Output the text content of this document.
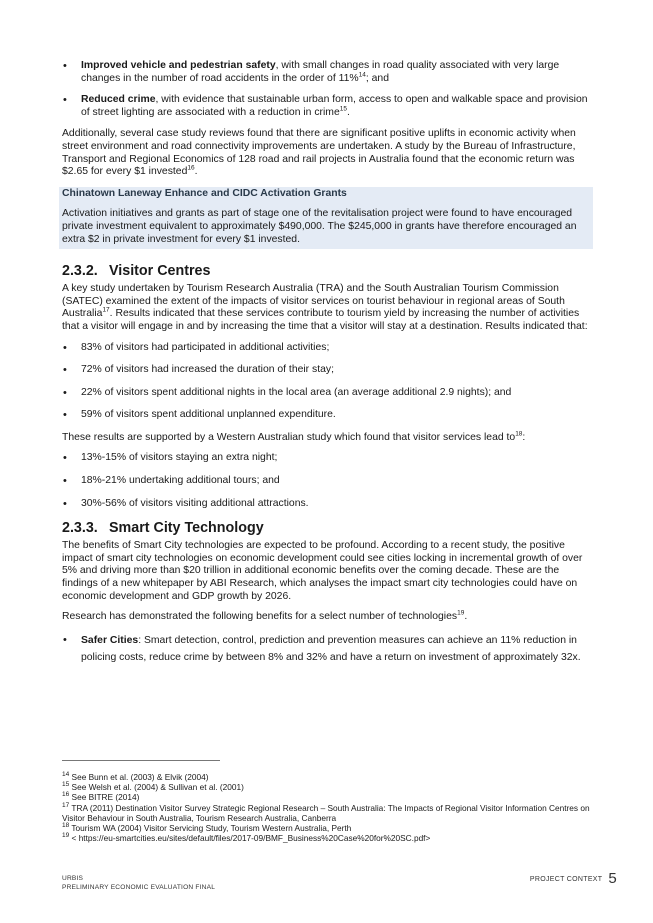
• Improved vehicle and pedestrian safety, with small changes in road quality associated with very large changes in the number of road accidents in the order of 11%$^{14}$; and
• Reduced crime, with evidence that sustainable urban form, access to open and walkable space and provision of street lighting are associated with a reduction in crime$^{15}$.

Additionally, several case study reviews found that there are significant positive uplifts in economic activity when street environment and road connectivity improvements are undertaken. A study by the Bureau of Infrastructure, Transport and Regional Economics of 128 road and rail projects in Australia found that the economic return was $2.65 for every $1 invested$^{16}$.

Chinatown Laneway Enhance and CIDC Activation Grants

Activation initiatives and grants as part of stage one of the revitalisation project were found to have encouraged private investment equivalent to approximately $490,000. The $245,000 in grants have therefore encouraged an extra $2 in private investment for every $1 invested.

2.3.2. Visitor Centres

A key study undertaken by Tourism Research Australia (TRA) and the South Australian Tourism Commission (SATEC) examined the extent of the impacts of visitor services on tourist behaviour in regional areas of South Australia$^{17}$. Results indicated that these services contribute to tourism yield by increasing the number of activities that a visitor will engage in and by increasing the time that a visitor will stay at a destination. Results indicated that:

• 83% of visitors had participated in additional activities;
• 72% of visitors had increased the duration of their stay;
• 22% of visitors spent additional nights in the local area (an average additional 2.9 nights); and
• 59% of visitors spent additional unplanned expenditure.

These results are supported by a Western Australian study which found that visitor services lead $to^{18}$:

• 13%-15% of visitors staying an extra night;
• 18%-21% undertaking additional tours; and
• 30%-56% of visitors visiting additional attractions.
2.3.3. Smart City Technology

The benefits of Smart City technologies are expected to be profound. According to a recent study, the positive impact of smart city technologies on economic development could see cities locking in incremental growth of over 5% and driving more than $20 trillion in additional economic benefits over the coming decade. These are the findings of a new whitepaper by ABI Research, which analyses the impact smart city technologies could have on economic development and GDP growth by 2026.

Research has demonstrated the following benefits for a select number of technologies$^{19}$.

• Safer Cities: Smart detection, control, prediction and prevention measures can achieve an 11% reduction in policing costs, reduce crime by between 8% and 32% and have a return on investment of approximately 32x.
$^{14}$ See Bunn et al. (2003) & Elvik (2004)
$^{15}$ See Welsh et al. (2004) & Sullivan et al. (2001)
$^{16}$ See BITRE (2014)
$^{17}$ TRA (2011) Destination Visitor Survey Strategic Regional Research – South Australia: The Impacts of Regional Visitor Information Centres on Visitor Behaviour in South Australia, Tourism Research Australia, Canberra
$^{18}$ Tourism WA (2004) Visitor Servicing Study, Tourism Western Australia, Perth
$^{19}$ < https://eu-smartcities.eu/sites/default/files/2017-09/BMF_Business%20Case%20for%20SC.pdf>
URBIS
PRELIMINARY ECONOMIC EVALUATION FINAL
PROJECT CONTEXT 5
